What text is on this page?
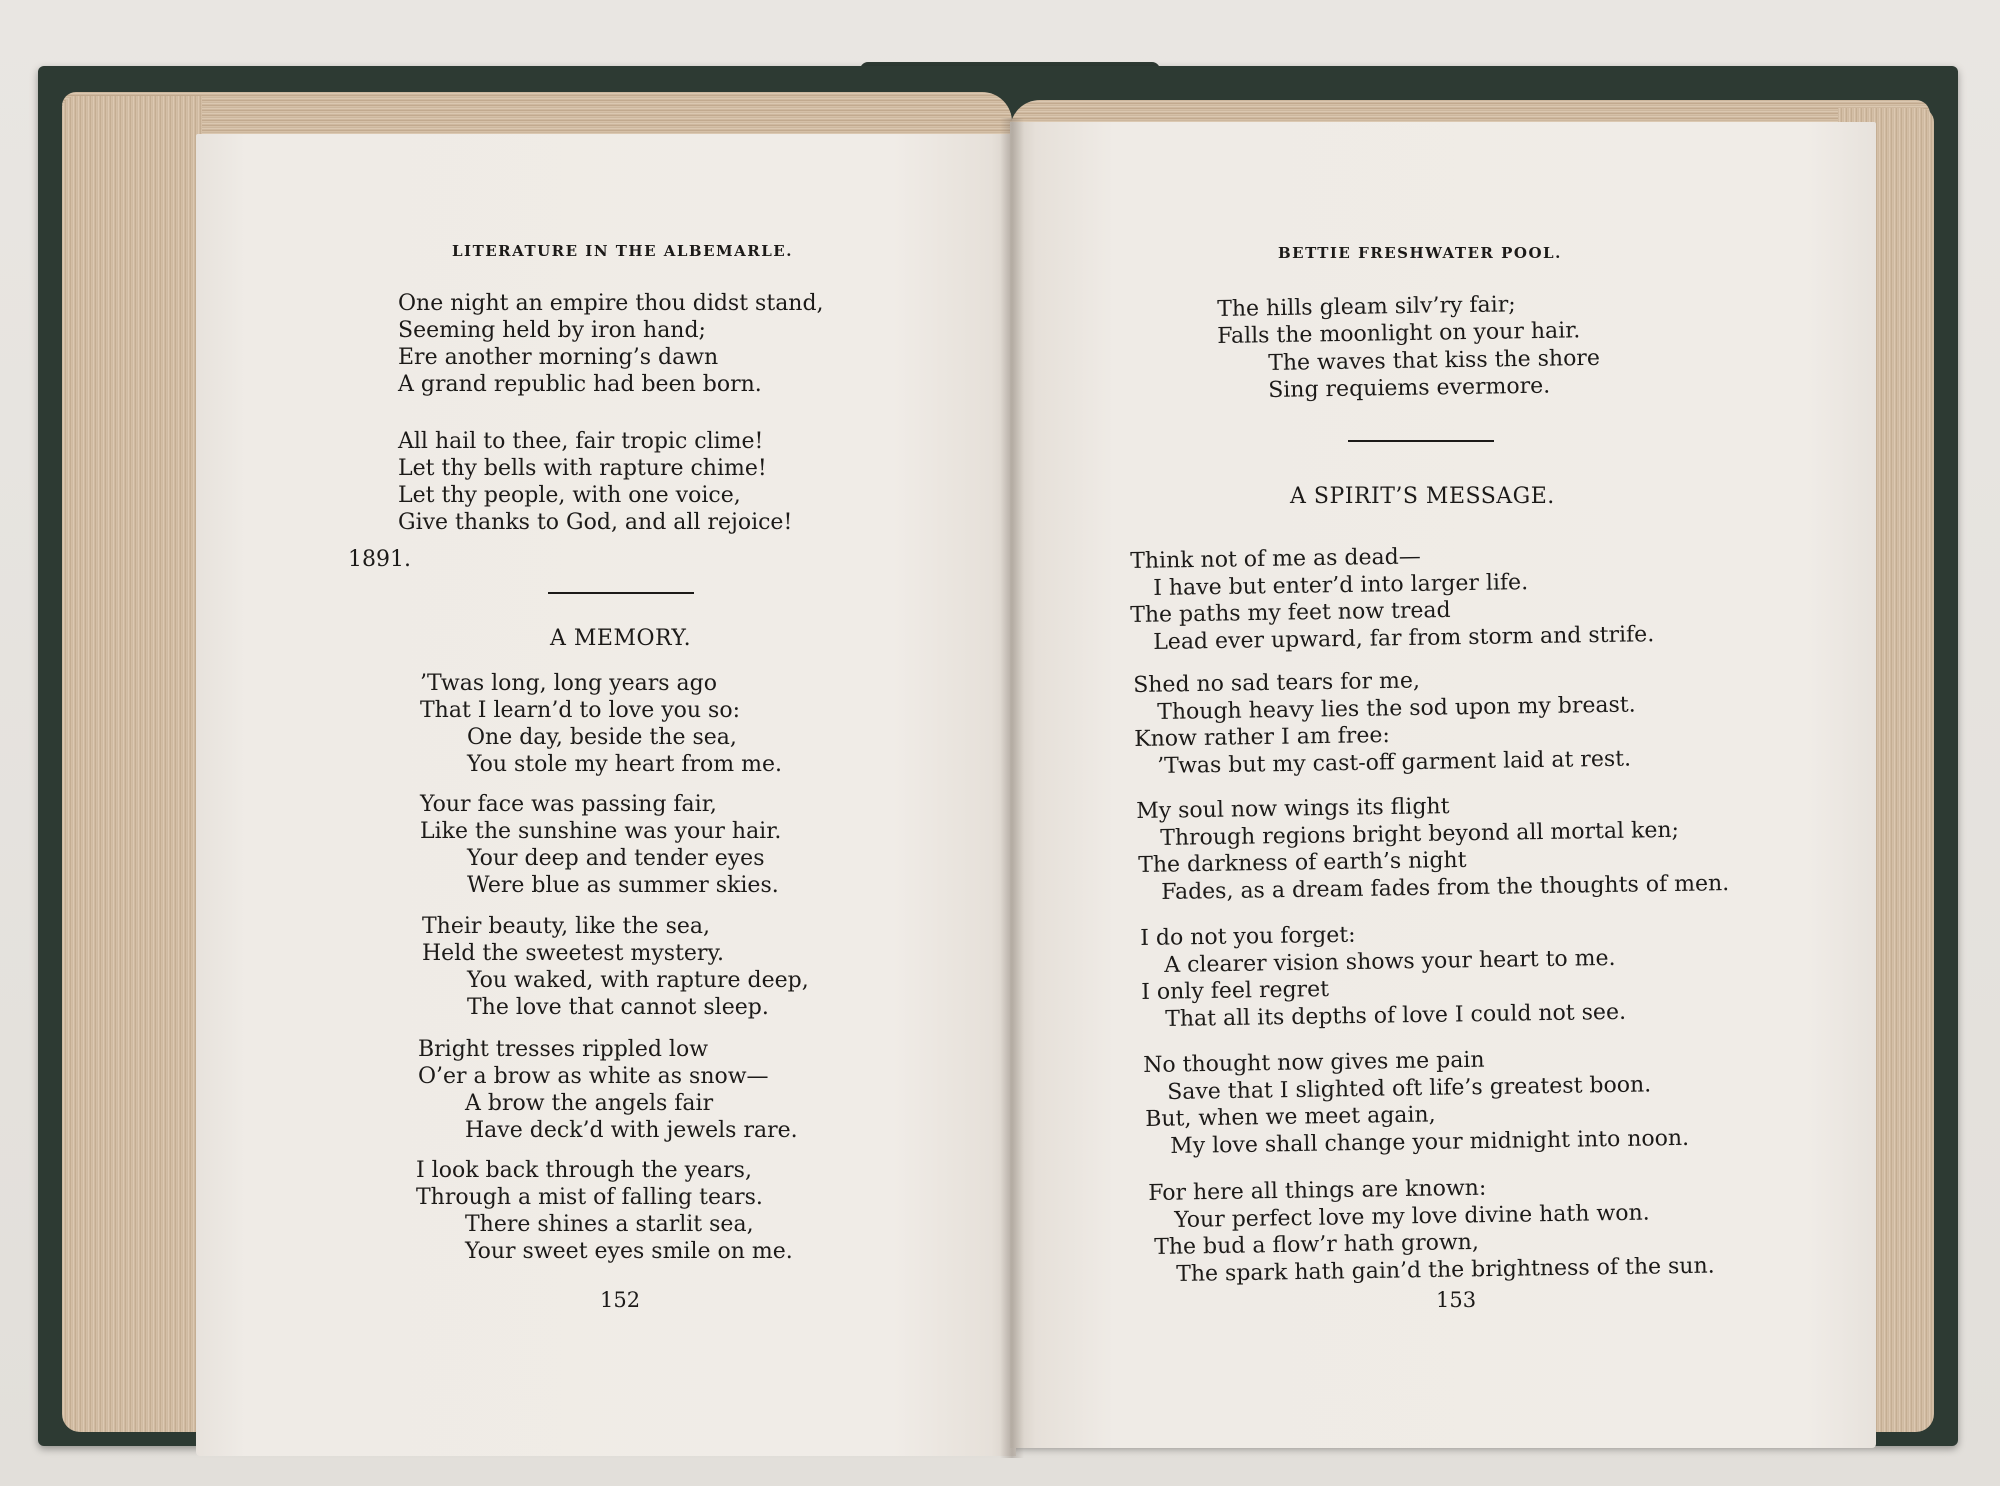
LITERATURE IN THE ALBEMARLE.
One night an empire thou didst stand,
Seeming held by iron hand;
Ere another morning’s dawn
A grand republic had been born.
All hail to thee, fair tropic clime!
Let thy bells with rapture chime!
Let thy people, with one voice,
Give thanks to God, and all rejoice!
1891.
A MEMORY.
’Twas long, long years ago
That I learn’d to love you so:
One day, beside the sea,
You stole my heart from me.
Your face was passing fair,
Like the sunshine was your hair.
Your deep and tender eyes
Were blue as summer skies.
Their beauty, like the sea,
Held the sweetest mystery.
You waked, with rapture deep,
The love that cannot sleep.
Bright tresses rippled low
O’er a brow as white as snow—
A brow the angels fair
Have deck’d with jewels rare.
I look back through the years,
Through a mist of falling tears.
There shines a starlit sea,
Your sweet eyes smile on me.
152
BETTIE FRESHWATER POOL.
The hills gleam silv’ry fair;
Falls the moonlight on your hair.
The waves that kiss the shore
Sing requiems evermore.
A SPIRIT’S MESSAGE.
Think not of me as dead—
I have but enter’d into larger life.
The paths my feet now tread
Lead ever upward, far from storm and strife.
Shed no sad tears for me,
Though heavy lies the sod upon my breast.
Know rather I am free:
’Twas but my cast-off garment laid at rest.
My soul now wings its flight
Through regions bright beyond all mortal ken;
The darkness of earth’s night
Fades, as a dream fades from the thoughts of men.
I do not you forget:
A clearer vision shows your heart to me.
I only feel regret
That all its depths of love I could not see.
No thought now gives me pain
Save that I slighted oft life’s greatest boon.
But, when we meet again,
My love shall change your midnight into noon.
For here all things are known:
Your perfect love my love divine hath won.
The bud a flow’r hath grown,
The spark hath gain’d the brightness of the sun.
153
